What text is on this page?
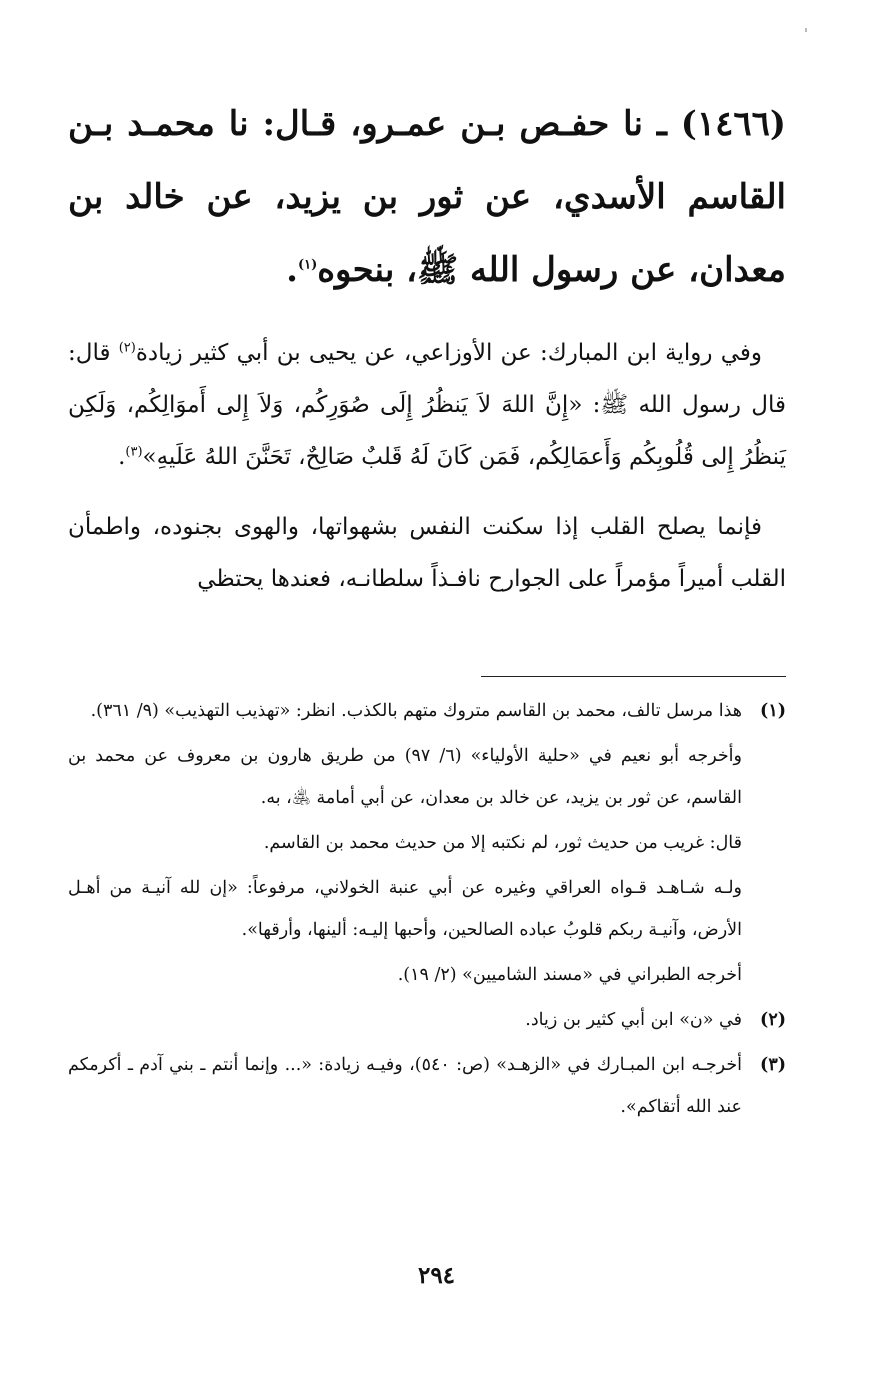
(١٤٦٦) ـ نا حفـص بـن عمـرو، قـال: نا محمـد بـن القاسم الأسدي، عن ثور بن يزيد، عن خالد بن معدان، عن رسول الله ﷺ، بنحوه$^{(١)}$.

وفي رواية ابن المبارك: عن الأوزاعي، عن يحيى بن أبي كثير زيادة$^{(٢)}$ قال: قال رسول الله ﷺ: «إِنَّ اللهَ لاَ يَنظُرُ إِلَى صُوَرِكُم، وَلاَ إِلى أَموَالِكُم، وَلَكِن يَنظُرُ إِلى قُلُوبِكُم وَأَعمَالِكُم، فَمَن كَانَ لَهُ قَلبٌ صَالِحٌ، تَحَنَّنَ اللهُ عَلَيهِ»$^{(٣)}$.

فإنما يصلح القلب إذا سكنت النفس بشهواتها، والهوى بجنوده، واطمأن القلب أميراً مؤمراً على الجوارح نافـذاً سلطانـه، فعندها يحتظي

(١)

هذا مرسل تالف، محمد بن القاسم متروك متهم بالكذب. انظر: «تهذيب التهذيب» (٩/ ٣٦١).

وأخرجه أبو نعيم في «حلية الأولياء» (٦/ ٩٧) من طريق هارون بن معروف عن محمد بن القاسم، عن ثور بن يزيد، عن خالد بن معدان، عن أبي أمامة ﵁، به.

قال: غريب من حديث ثور، لم نكتبه إلا من حديث محمد بن القاسم.

ولـه شـاهـد قـواه العراقي وغيره عن أبي عنبة الخولاني، مرفوعاً: «إن لله آنيـة من أهـل الأرض، وآنيـة ربكم قلوبُ عباده الصالحين، وأحبها إليـه: ألينها، وأرقها».

أخرجه الطبراني في «مسند الشاميين» (٢/ ١٩).

(٢)

في «ن» ابن أبي كثير بن زياد.

(٣)

أخرجـه ابن المبـارك في «الزهـد» (ص: ٥٤٠)، وفيـه زيادة: «... وإنما أنتم ـ بني آدم ـ أكرمكم عند الله أتقاكم».

٢٩٤
